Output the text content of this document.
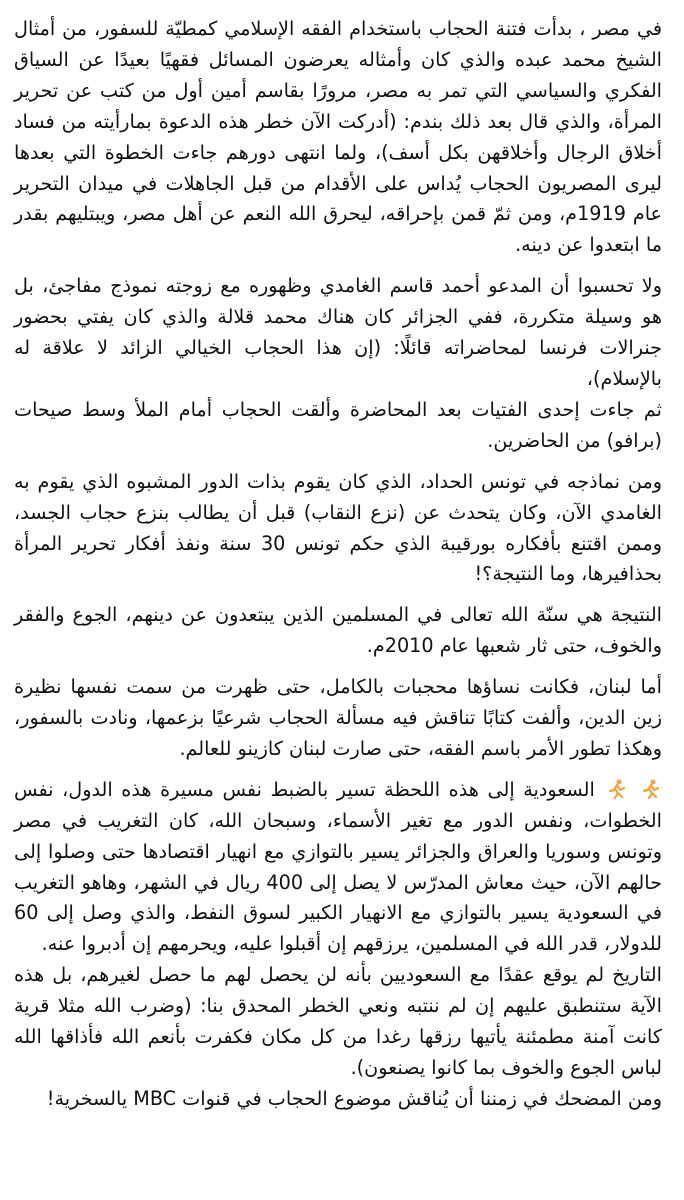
في مصر ، بدأت فتنة الحجاب باستخدام الفقه الإسلامي كمطيّة للسفور، من أمثال الشيخ محمد عبده والذي كان وأمثاله يعرضون المسائل فقهيًا بعيدًا عن السياق الفكري والسياسي التي تمر به مصر، مرورًا بقاسم أمين أول من كتب عن تحرير المرأة، والذي قال بعد ذلك بندم: (أدركت الآن خطر هذه الدعوة بمارأيته من فساد أخلاق الرجال وأخلاقهن بكل أسف)، ولما انتهى دورهم جاءت الخطوة التي بعدها ليرى المصريون الحجاب يُداس على الأقدام من قبل الجاهلات في ميدان التحرير عام 1919م، ومن ثمّ قمن بإحراقه، ليحرق الله النعم عن أهل مصر، ويبتليهم بقدر ما ابتعدوا عن دينه.

ولا تحسبوا أن المدعو أحمد قاسم الغامدي وظهوره مع زوجته نموذج مفاجئ، بل هو وسيلة متكررة، ففي الجزائر كان هناك محمد قلالة والذي كان يفتي بحضور جنرالات فرنسا لمحاضراته قائلًا: (إن هذا الحجاب الخيالي الزائد لا علاقة له بالإسلام)،

ثم جاءت إحدى الفتيات بعد المحاضرة وألقت الحجاب أمام الملأ وسط صيحات (برافو) من الحاضرين.

ومن نماذجه في تونس الحداد، الذي كان يقوم بذات الدور المشبوه الذي يقوم به الغامدي الآن، وكان يتحدث عن (نزع النقاب) قبل أن يطالب بنزع حجاب الجسد، وممن اقتنع بأفكاره بورقيبة الذي حكم تونس 30 سنة ونفذ أفكار تحرير المرأة بحذافيرها، وما النتيجة؟!

النتيجة هي سنّة الله تعالى في المسلمين الذين يبتعدون عن دينهم، الجوع والفقر والخوف، حتى ثار شعبها عام 2010م.

أما لبنان، فكانت نساؤها محجبات بالكامل، حتى ظهرت من سمت نفسها نظيرة زين الدين، وألفت كتابًا تناقش فيه مسألة الحجاب شرعيًا بزعمها، ونادت بالسفور، وهكذا تطور الأمر باسم الفقه، حتى صارت لبنان كازينو للعالم.

السعودية إلى هذه اللحظة تسير بالضبط نفس مسيرة هذه الدول، نفس الخطوات، ونفس الدور مع تغير الأسماء، وسبحان الله، كان التغريب في مصر وتونس وسوريا والعراق والجزائر يسير بالتوازي مع انهيار اقتصادها حتى وصلوا إلى حالهم الآن، حيث معاش المدرّس لا يصل إلى 400 ريال في الشهر، وهاهو التغريب في السعودية يسير بالتوازي مع الانهيار الكبير لسوق النفط، والذي وصل إلى 60 للدولار، قدر الله في المسلمين، يرزقهم إن أقبلوا عليه، ويحرمهم إن أدبروا عنه.

التاريخ لم يوقع عقدًا مع السعوديين بأنه لن يحصل لهم ما حصل لغيرهم، بل هذه الآية ستنطبق عليهم إن لم ننتبه ونعي الخطر المحدق بنا: (وضرب الله مثلا قرية كانت آمنة مطمئنة يأتيها رزقها رغدا من كل مكان فكفرت بأنعم الله فأذاقها الله لباس الجوع والخوف بما كانوا يصنعون).

ومن المضحك في زمننا أن يُناقش موضوع الحجاب في قنوات MBC يالسخرية!
